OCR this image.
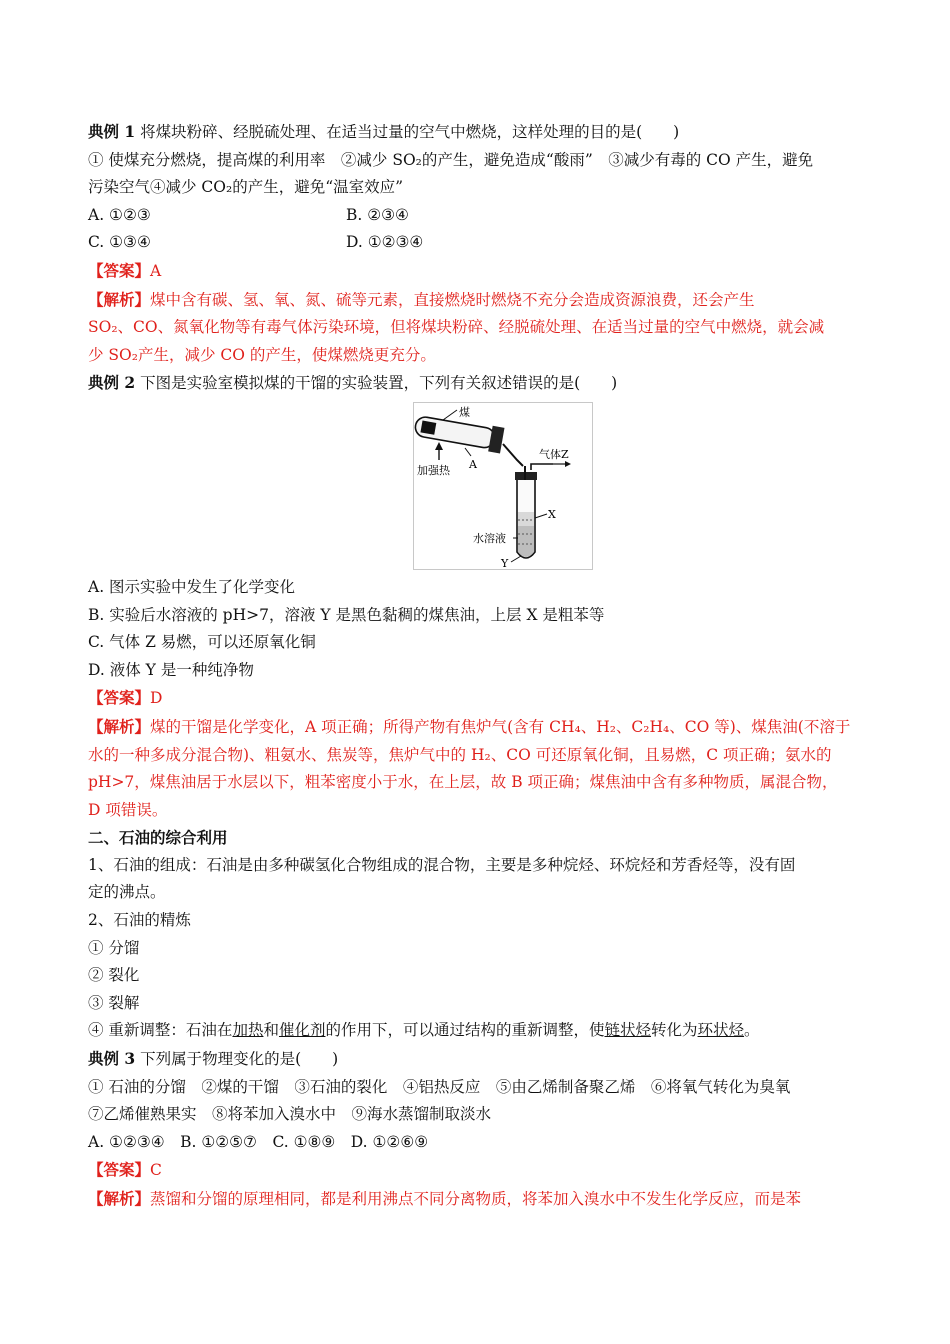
典例 1 将煤块粉碎、经脱硫处理、在适当过量的空气中燃烧，这样处理的目的是(　　)

① 使煤充分燃烧，提高煤的利用率　②减少 SO₂的产生，避免造成“酸雨”　③减少有毒的 CO 产生，避免

污染空气④减少 CO₂的产生，避免“温室效应”

A. ①②③	B. ②③④

C. ①③④	D. ①②③④

【答案】A

【解析】煤中含有碳、氢、氧、氮、硫等元素，直接燃烧时燃烧不充分会造成资源浪费，还会产生

SO₂、CO、氮氧化物等有毒气体污染环境，但将煤块粉碎、经脱硫处理、在适当过量的空气中燃烧，就会减

少 SO₂产生，减少 CO 的产生，使煤燃烧更充分。

典例 2 下图是实验室模拟煤的干馏的实验装置，下列有关叙述错误的是(　　)

煤
加强热 A
气体Z
X
水溶液
Y

A. 图示实验中发生了化学变化

B. 实验后水溶液的 pH>7，溶液 Y 是黑色黏稠的煤焦油，上层 X 是粗苯等

C. 气体 Z 易燃，可以还原氧化铜

D. 液体 Y 是一种纯净物

【答案】D

【解析】煤的干馏是化学变化，A 项正确；所得产物有焦炉气(含有 CH₄、H₂、C₂H₄、CO 等)、煤焦油(不溶于

水的一种多成分混合物)、粗氨水、焦炭等，焦炉气中的 H₂、CO 可还原氧化铜，且易燃，C 项正确；氨水的

pH>7，煤焦油居于水层以下，粗苯密度小于水，在上层，故 B 项正确；煤焦油中含有多种物质，属混合物，

D 项错误。

二、石油的综合利用

1、石油的组成：石油是由多种碳氢化合物组成的混合物，主要是多种烷烃、环烷烃和芳香烃等，没有固

定的沸点。

2、石油的精炼

① 分馏

② 裂化

③ 裂解

④ 重新调整：石油在加热和催化剂的作用下，可以通过结构的重新调整，使链状烃转化为环状烃。

典例 3 下列属于物理变化的是(　　)

① 石油的分馏　②煤的干馏　③石油的裂化　④铝热反应　⑤由乙烯制备聚乙烯　⑥将氧气转化为臭氧

⑦乙烯催熟果实　⑧将苯加入溴水中　⑨海水蒸馏制取淡水

A. ①②③④　B. ①②⑤⑦　C. ①⑧⑨　D. ①②⑥⑨

【答案】C

【解析】蒸馏和分馏的原理相同，都是利用沸点不同分离物质，将苯加入溴水中不发生化学反应，而是苯
